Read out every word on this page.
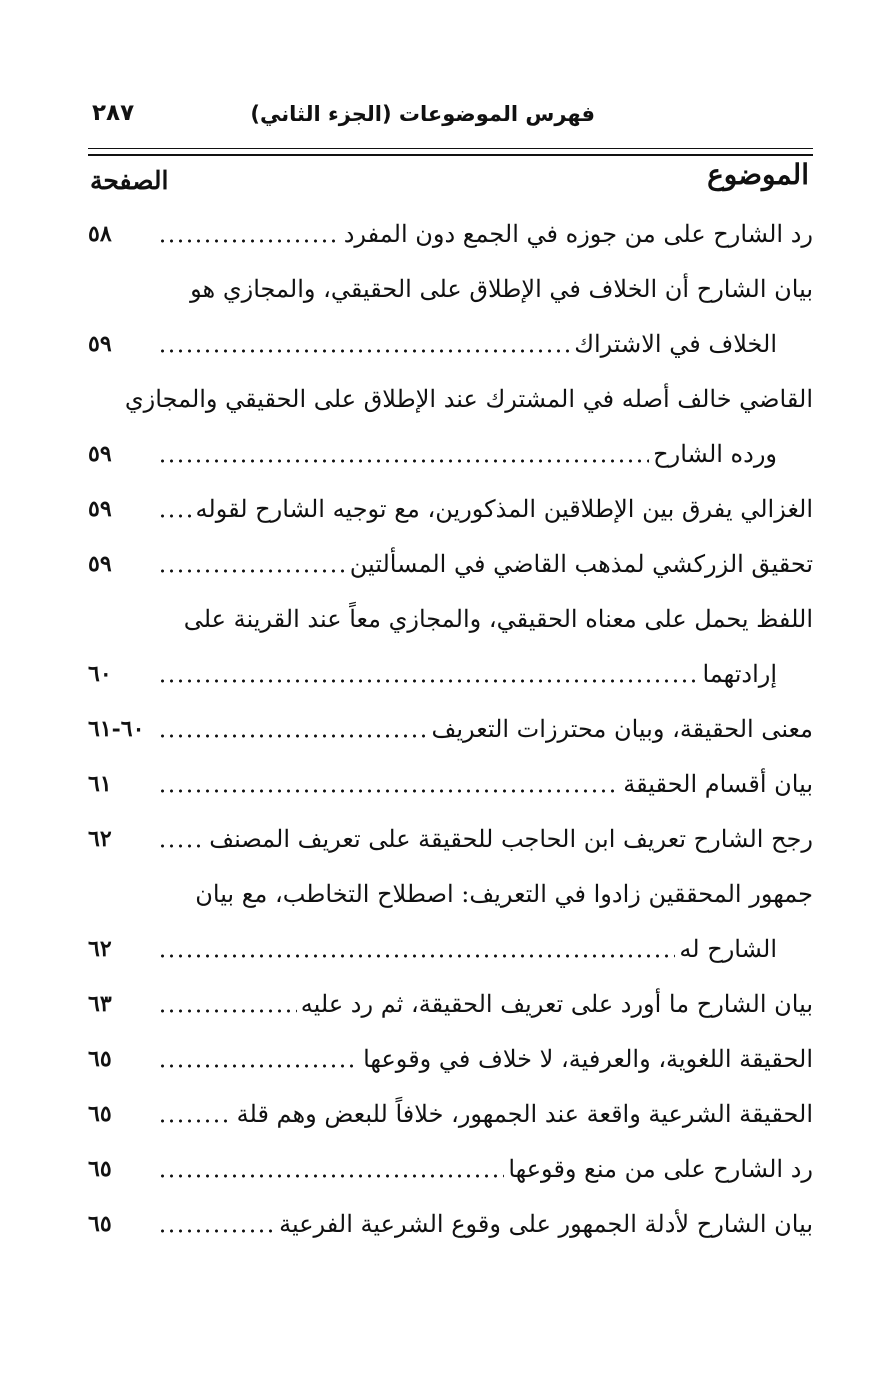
فهرس الموضوعات (الجزء الثاني)
٢٨٧
الموضوع
الصفحة
رد الشارح على من جوزه في الجمع دون المفرد
٥٨
بيان الشارح أن الخلاف في الإطلاق على الحقيقي، والمجازي هو
الخلاف في الاشتراك
٥٩
القاضي خالف أصله في المشترك عند الإطلاق على الحقيقي والمجازي
ورده الشارح
٥٩
الغزالي يفرق بين الإطلاقين المذكورين، مع توجيه الشارح لقوله
٥٩
تحقيق الزركشي لمذهب القاضي في المسألتين
٥٩
اللفظ يحمل على معناه الحقيقي، والمجازي معاً عند القرينة على
إرادتهما
٦٠
معنى الحقيقة، وبيان محترزات التعريف
٦٠-٦١
بيان أقسام الحقيقة
٦١
رجح الشارح تعريف ابن الحاجب للحقيقة على تعريف المصنف
٦٢
جمهور المحققين زادوا في التعريف: اصطلاح التخاطب، مع بيان
الشارح له
٦٢
بيان الشارح ما أورد على تعريف الحقيقة، ثم رد عليه
٦٣
الحقيقة اللغوية، والعرفية، لا خلاف في وقوعها
٦٥
الحقيقة الشرعية واقعة عند الجمهور، خلافاً للبعض وهم قلة
٦٥
رد الشارح على من منع وقوعها
٦٥
بيان الشارح لأدلة الجمهور على وقوع الشرعية الفرعية
٦٥
